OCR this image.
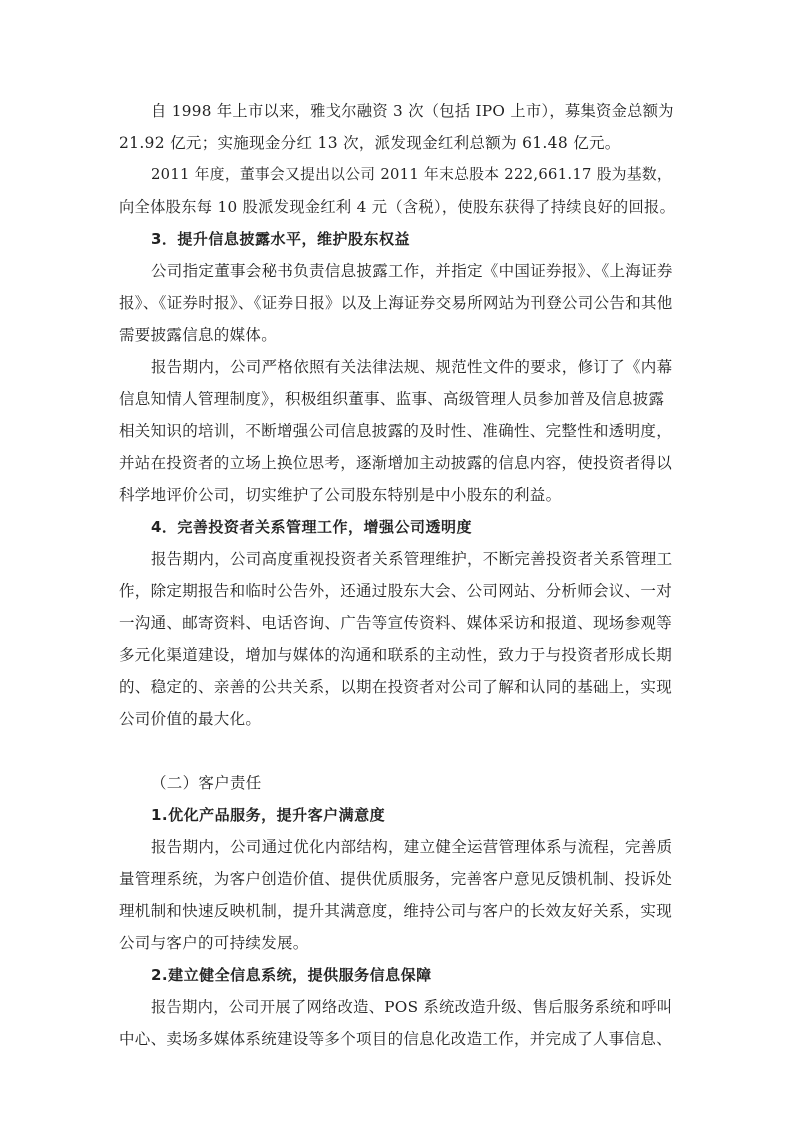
自 1998 年上市以来，雅戈尔融资 3 次（包括 IPO 上市），募集资金总额为
21.92 亿元；实施现金分红 13 次，派发现金红利总额为 61.48 亿元。
2011 年度，董事会又提出以公司 2011 年末总股本 222,661.17 股为基数，
向全体股东每 10 股派发现金红利 4 元（含税），使股东获得了持续良好的回报。
3．提升信息披露水平，维护股东权益
公司指定董事会秘书负责信息披露工作，并指定《中国证券报》、《上海证券
报》、《证券时报》、《证券日报》以及上海证券交易所网站为刊登公司公告和其他
需要披露信息的媒体。
报告期内，公司严格依照有关法律法规、规范性文件的要求，修订了《内幕
信息知情人管理制度》，积极组织董事、监事、高级管理人员参加普及信息披露
相关知识的培训，不断增强公司信息披露的及时性、准确性、完整性和透明度，
并站在投资者的立场上换位思考，逐渐增加主动披露的信息内容，使投资者得以
科学地评价公司，切实维护了公司股东特别是中小股东的利益。
4．完善投资者关系管理工作，增强公司透明度
报告期内，公司高度重视投资者关系管理维护，不断完善投资者关系管理工
作，除定期报告和临时公告外，还通过股东大会、公司网站、分析师会议、一对
一沟通、邮寄资料、电话咨询、广告等宣传资料、媒体采访和报道、现场参观等
多元化渠道建设，增加与媒体的沟通和联系的主动性，致力于与投资者形成长期
的、稳定的、亲善的公共关系，以期在投资者对公司了解和认同的基础上，实现
公司价值的最大化。
（二）客户责任
1.优化产品服务，提升客户满意度
报告期内，公司通过优化内部结构，建立健全运营管理体系与流程，完善质
量管理系统，为客户创造价值、提供优质服务，完善客户意见反馈机制、投诉处
理机制和快速反映机制，提升其满意度，维持公司与客户的长效友好关系，实现
公司与客户的可持续发展。
2.建立健全信息系统，提供服务信息保障
报告期内，公司开展了网络改造、POS 系统改造升级、售后服务系统和呼叫
中心、卖场多媒体系统建设等多个项目的信息化改造工作，并完成了人事信息、
